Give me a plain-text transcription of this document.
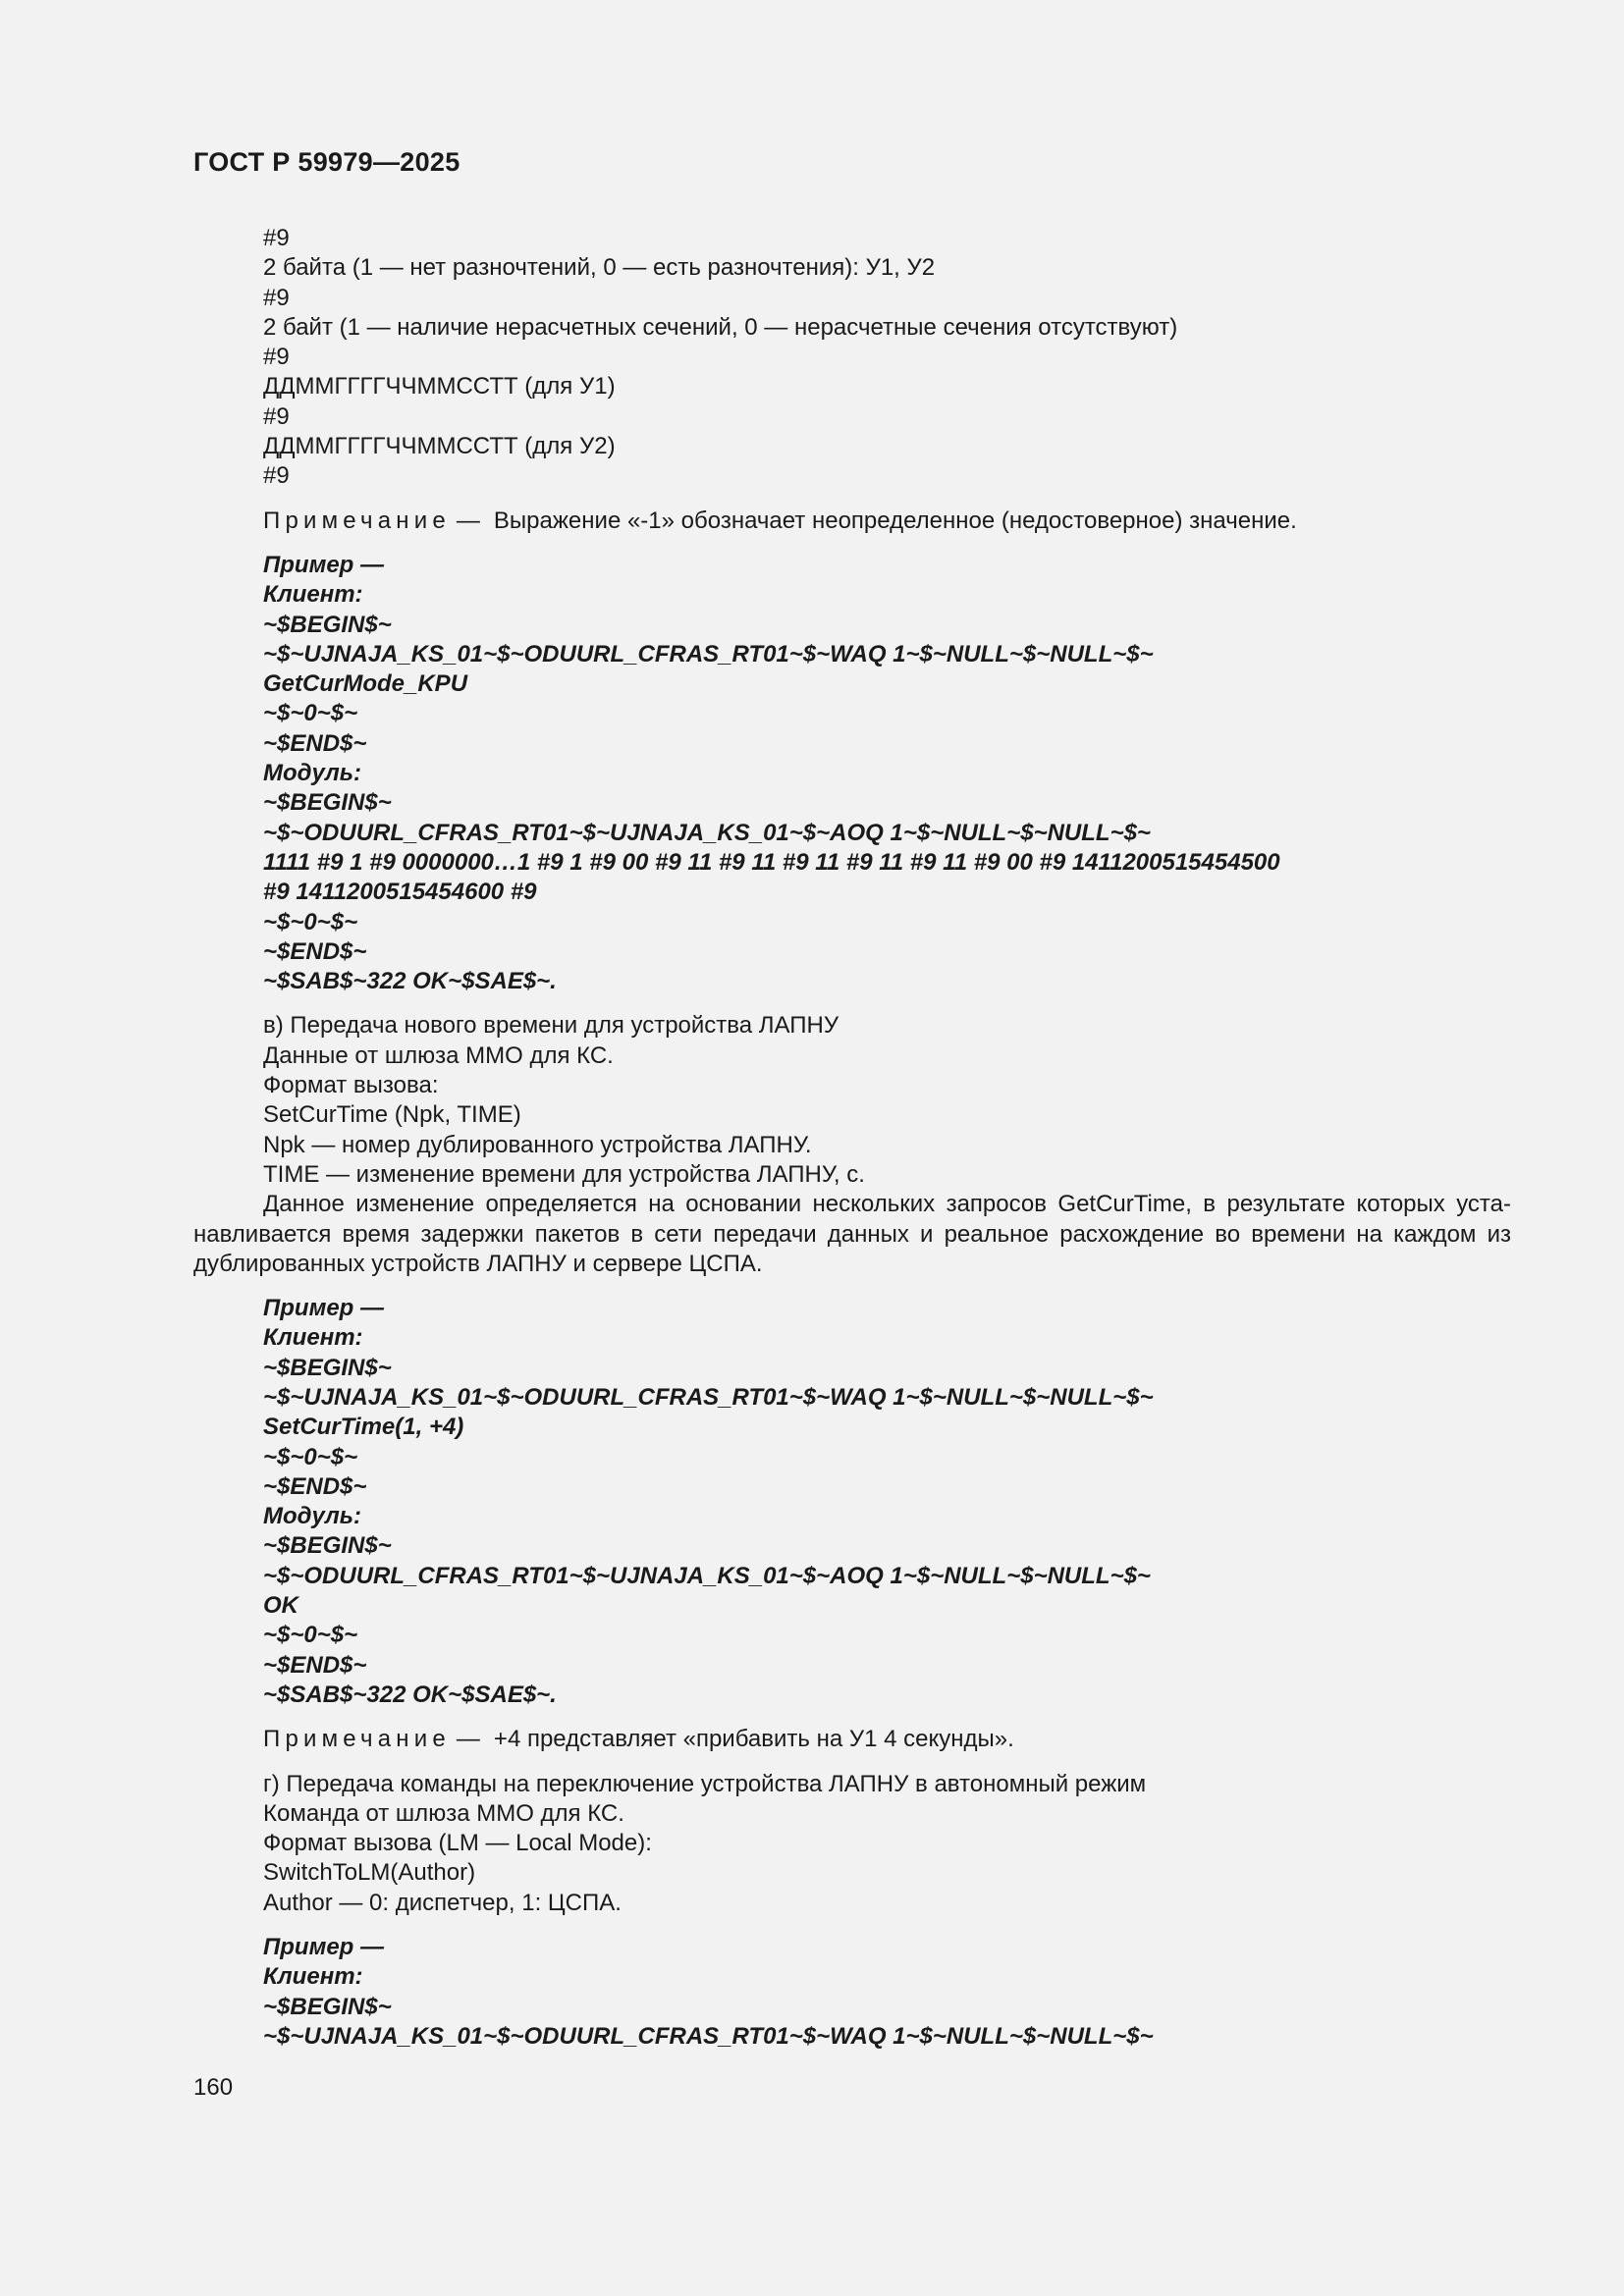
ГОСТ Р 59979—2025
#9
2 байта (1 — нет разночтений, 0 — есть разночтения): У1, У2
#9
2 байт (1 — наличие нерасчетных сечений, 0 — нерасчетные сечения отсутствуют)
#9
ДДММГГГГЧЧММССТТ (для У1)
#9
ДДММГГГГЧЧММССТТ (для У2)
#9
Примечание — Выражение «-1» обозначает неопределенное (недостоверное) значение.
Пример —
Клиент:
~$BEGIN$~
~$~UJNAJA_KS_01~$~ODUURL_CFRAS_RT01~$~WAQ 1~$~NULL~$~NULL~$~
GetCurMode_KPU
~$~0~$~
~$END$~
Модуль:
~$BEGIN$~
~$~ODUURL_CFRAS_RT01~$~UJNAJA_KS_01~$~AOQ 1~$~NULL~$~NULL~$~
1111 #9 1 #9 0000000…1 #9 1 #9 00 #9 11 #9 11 #9 11 #9 11 #9 11 #9 00 #9 1411200515454500
#9 1411200515454600 #9
~$~0~$~
~$END$~
~$SAB$~322 OK~$SAE$~.
в) Передача нового времени для устройства ЛАПНУ
Данные от шлюза ММО для КС.
Формат вызова:
SetCurTime (Npk, TIME)
Npk — номер дублированного устройства ЛАПНУ.
TIME — изменение времени для устройства ЛАПНУ, с.
Данное изменение определяется на основании нескольких запросов GetCurTime, в результате которых устанавливается время задержки пакетов в сети передачи данных и реальное расхождение во времени на каждом из дублированных устройств ЛАПНУ и сервере ЦСПА.
Пример —
Клиент:
~$BEGIN$~
~$~UJNAJA_KS_01~$~ODUURL_CFRAS_RT01~$~WAQ 1~$~NULL~$~NULL~$~
SetCurTime(1, +4)
~$~0~$~
~$END$~
Модуль:
~$BEGIN$~
~$~ODUURL_CFRAS_RT01~$~UJNAJA_KS_01~$~AOQ 1~$~NULL~$~NULL~$~
OK
~$~0~$~
~$END$~
~$SAB$~322 OK~$SAE$~.
Примечание — +4 представляет «прибавить на У1 4 секунды».
г) Передача команды на переключение устройства ЛАПНУ в автономный режим
Команда от шлюза ММО для КС.
Формат вызова (LM — Local Mode):
SwitchToLM(Author)
Author — 0: диспетчер, 1: ЦСПА.
Пример —
Клиент:
~$BEGIN$~
~$~UJNAJA_KS_01~$~ODUURL_CFRAS_RT01~$~WAQ 1~$~NULL~$~NULL~$~
160
